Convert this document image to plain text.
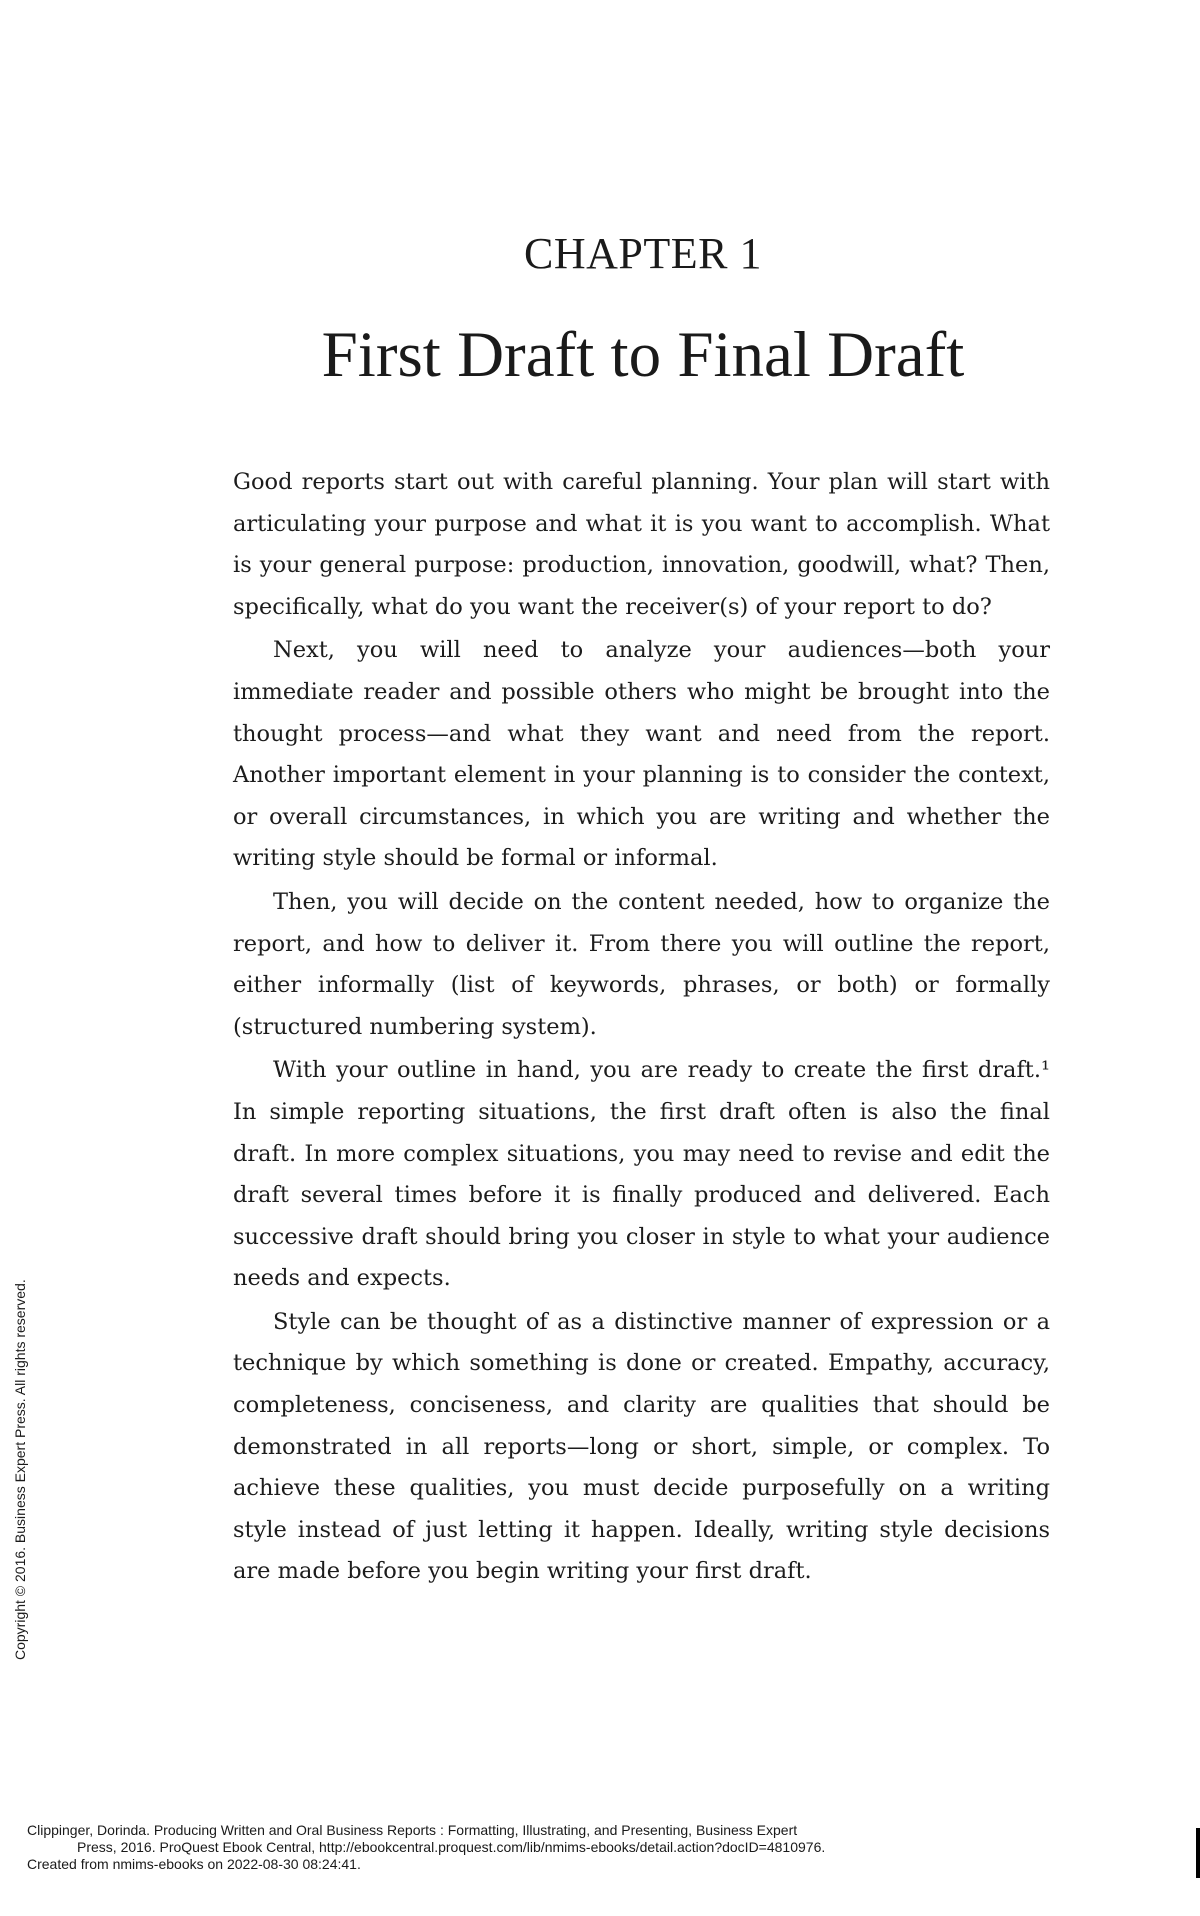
CHAPTER 1
First Draft to Final Draft

Good reports start out with careful planning. Your plan will start with articulating your purpose and what it is you want to accomplish. What is your general purpose: production, innovation, goodwill, what? Then, specifically, what do you want the receiver(s) of your report to do?

Next, you will need to analyze your audiences—both your immediate reader and possible others who might be brought into the thought process—and what they want and need from the report. Another important element in your planning is to consider the context, or overall circumstances, in which you are writing and whether the writing style should be formal or informal.

Then, you will decide on the content needed, how to organize the report, and how to deliver it. From there you will outline the report, either informally (list of keywords, phrases, or both) or formally (structured numbering system).

With your outline in hand, you are ready to create the first draft.¹ In simple reporting situations, the first draft often is also the final draft. In more complex situations, you may need to revise and edit the draft several times before it is finally produced and delivered. Each successive draft should bring you closer in style to what your audience needs and expects.

Style can be thought of as a distinctive manner of expression or a technique by which something is done or created. Empathy, accuracy, completeness, conciseness, and clarity are qualities that should be demonstrated in all reports—long or short, simple, or complex. To achieve these qualities, you must decide purposefully on a writing style instead of just letting it happen. Ideally, writing style decisions are made before you begin writing your first draft.

Copyright © 2016. Business Expert Press. All rights reserved.
Clippinger, Dorinda. Producing Written and Oral Business Reports : Formatting, Illustrating, and Presenting, Business Expert
Press, 2016. ProQuest Ebook Central, http://ebookcentral.proquest.com/lib/nmims-ebooks/detail.action?docID=4810976.
Created from nmims-ebooks on 2022-08-30 08:24:41.
